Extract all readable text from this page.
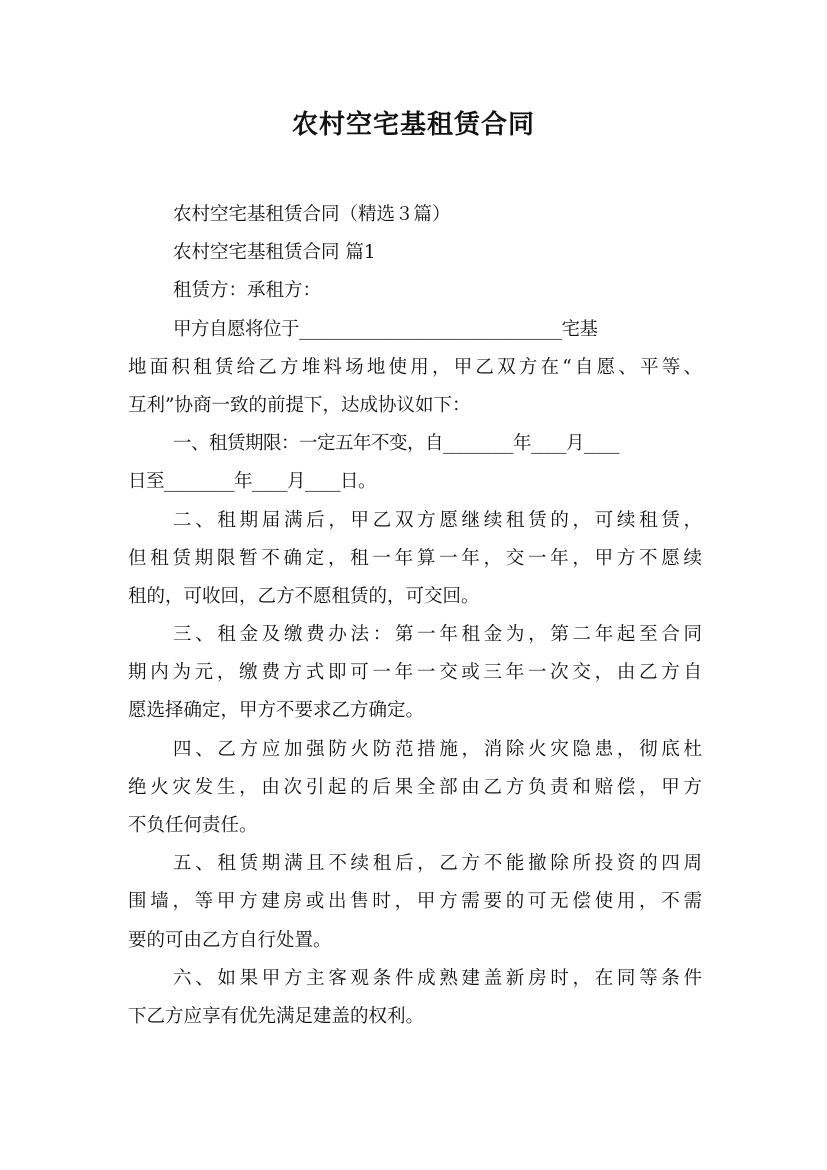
农村空宅基租赁合同
农村空宅基租赁合同（精选３篇）
农村空宅基租赁合同 篇1
租赁方：承租方：
甲方自愿将位于______________________________宅基
地面积租赁给乙方堆料场地使用，甲乙双方在“自愿、平等、
互利”协商一致的前提下，达成协议如下：
一、租赁期限：一定五年不变，自________年____月____
日至________年____月____日。
二、租期届满后，甲乙双方愿继续租赁的，可续租赁，
但租赁期限暂不确定，租一年算一年，交一年，甲方不愿续
租的，可收回，乙方不愿租赁的，可交回。
三、租金及缴费办法：第一年租金为，第二年起至合同
期内为元，缴费方式即可一年一交或三年一次交，由乙方自
愿选择确定，甲方不要求乙方确定。
四、乙方应加强防火防范措施，消除火灾隐患，彻底杜
绝火灾发生，由次引起的后果全部由乙方负责和赔偿，甲方
不负任何责任。
五、租赁期满且不续租后，乙方不能撤除所投资的四周
围墙，等甲方建房或出售时，甲方需要的可无偿使用，不需
要的可由乙方自行处置。
六、如果甲方主客观条件成熟建盖新房时，在同等条件
下乙方应享有优先满足建盖的权利。
